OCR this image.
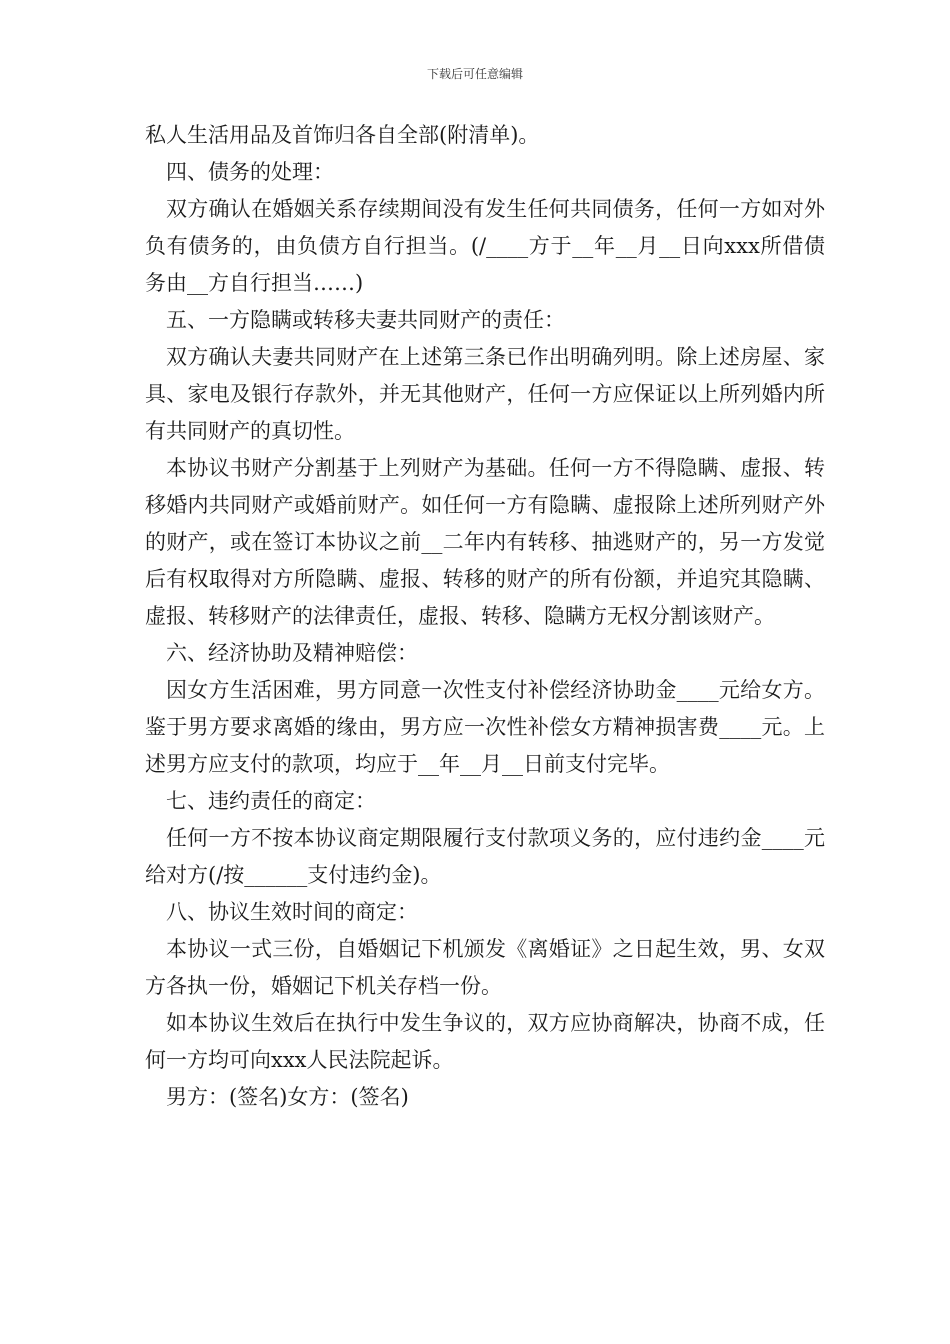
下载后可任意编辑

私人生活用品及首饰归各自全部(附清单)。

四、债务的处理：

双方确认在婚姻关系存续期间没有发生任何共同债务，任何一方如对外负有债务的，由负债方自行担当。(/____方于__年__月__日向xxx所借债务由__方自行担当……)

五、一方隐瞒或转移夫妻共同财产的责任：

双方确认夫妻共同财产在上述第三条已作出明确列明。除上述房屋、家具、家电及银行存款外，并无其他财产，任何一方应保证以上所列婚内所有共同财产的真切性。

本协议书财产分割基于上列财产为基础。任何一方不得隐瞒、虚报、转移婚内共同财产或婚前财产。如任何一方有隐瞒、虚报除上述所列财产外的财产，或在签订本协议之前__二年内有转移、抽逃财产的，另一方发觉后有权取得对方所隐瞒、虚报、转移的财产的所有份额，并追究其隐瞒、虚报、转移财产的法律责任，虚报、转移、隐瞒方无权分割该财产。

六、经济协助及精神赔偿：

因女方生活困难，男方同意一次性支付补偿经济协助金____元给女方。鉴于男方要求离婚的缘由，男方应一次性补偿女方精神损害费____元。上述男方应支付的款项，均应于__年__月__日前支付完毕。

七、违约责任的商定：

任何一方不按本协议商定期限履行支付款项义务的，应付违约金____元给对方(/按______支付违约金)。

八、协议生效时间的商定：

本协议一式三份，自婚姻记下机颁发《离婚证》之日起生效，男、女双方各执一份，婚姻记下机关存档一份。

如本协议生效后在执行中发生争议的，双方应协商解决，协商不成，任何一方均可向xxx人民法院起诉。

男方：(签名)女方：(签名)
